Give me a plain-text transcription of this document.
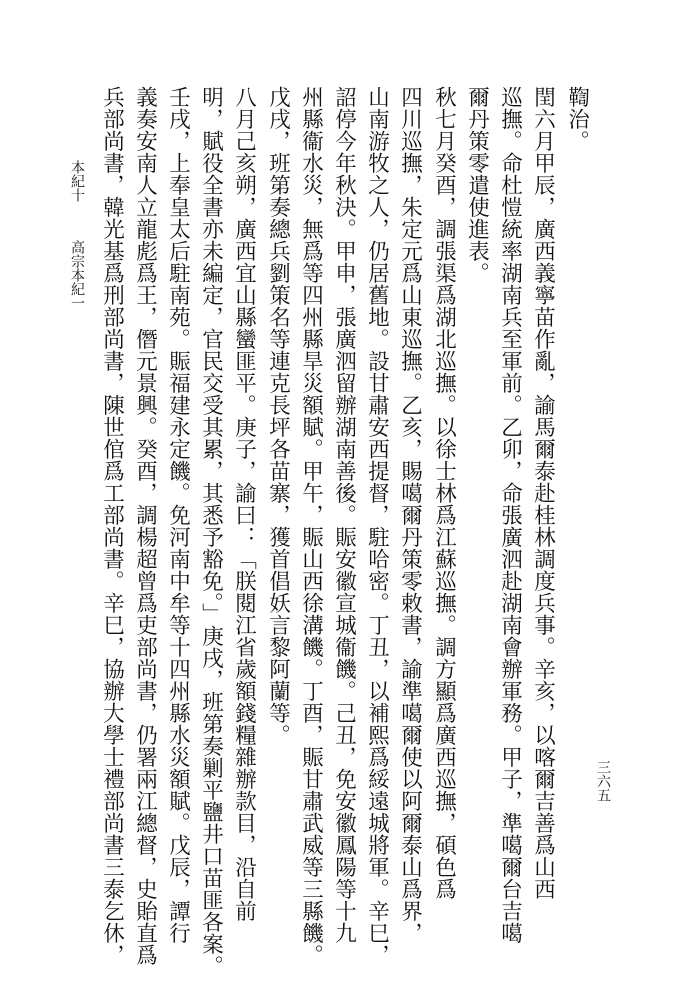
鞫治。
閏六月甲辰，廣西義寧苗作亂，諭馬爾泰赴桂林調度兵事。辛亥，以喀爾吉善爲山西
巡撫。命杜愷統率湖南兵至軍前。乙卯，命張廣泗赴湖南會辦軍務。甲子，準噶爾台吉噶
爾丹策零遣使進表。
秋七月癸酉，調張渠爲湖北巡撫。以徐士林爲江蘇巡撫。調方顯爲廣西巡撫，碩色爲
四川巡撫，朱定元爲山東巡撫。乙亥，賜噶爾丹策零敕書，諭準噶爾使以阿爾泰山爲界，
山南游牧之人，仍居舊地。設甘肅安西提督，駐哈密。丁丑，以補熙爲綏遠城將軍。辛巳，
詔停今年秋決。甲申，張廣泗留辦湖南善後。賑安徽宣城衞饑。己丑，免安徽鳳陽等十九
州縣衞水災，無爲等四州縣旱災額賦。甲午，賑山西徐溝饑。丁酉，賑甘肅武威等三縣饑。
戊戌，班第奏總兵劉策名等連克長坪各苗寨，獲首倡妖言黎阿蘭等。
八月己亥朔，廣西宜山縣蠻匪平。庚子，諭曰：「朕閱江省歲額錢糧雜辦款目，沿自前
明，賦役全書亦未編定，官民交受其累，其悉予豁免。」庚戌，班第奏剿平鹽井口苗匪各案。
壬戌，上奉皇太后駐南苑。賑福建永定饑。免河南中牟等十四州縣水災額賦。戊辰，譚行
義奏安南人立龍彪爲王，僭元景興。癸酉，調楊超曾爲吏部尚書，仍署兩江總督，史貽直爲
兵部尚書，韓光基爲刑部尚書，陳世倌爲工部尚書。辛巳，協辦大學士禮部尚書三泰乞休，	三六五
本紀十
高宗本紀一
